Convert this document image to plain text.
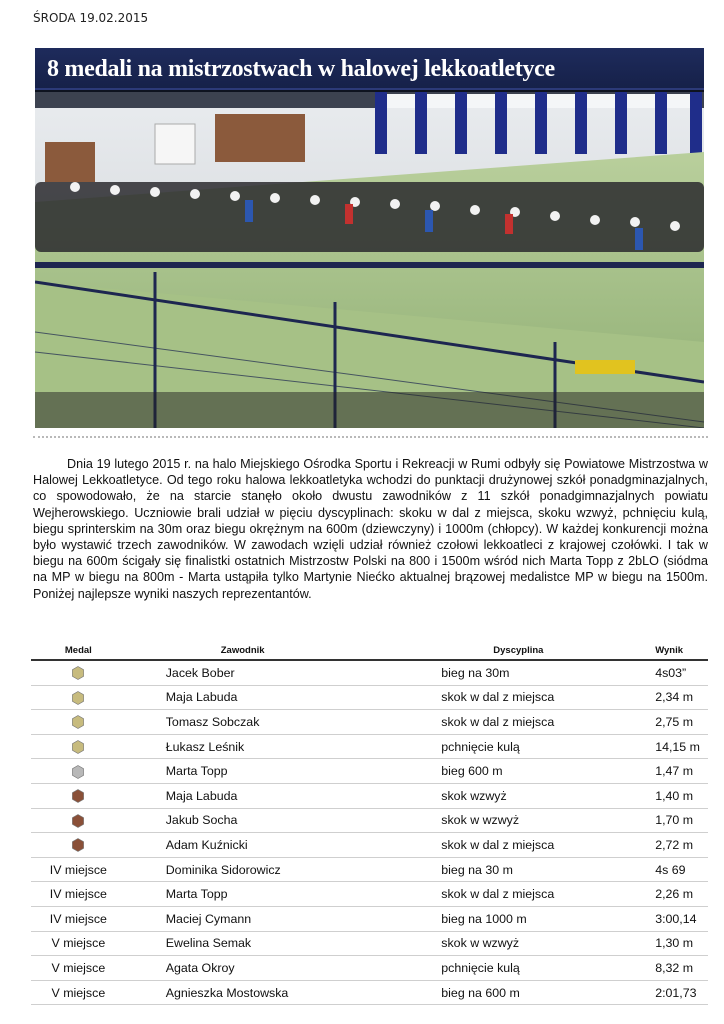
ŚRODA 19.02.2015
8 medali na mistrzostwach w halowej lekkoatletyce

Dnia 19 lutego 2015 r. na halo Miejskiego Ośrodka Sportu i Rekreacji w Rumi odbyły się Powiatowe Mistrzostwa w Halowej Lekkoatletyce. Od tego roku halowa lekkoatletyka wchodzi do punktacji drużynowej szkół ponadgminazjalnych, co spowodowało, że na starcie stanęło około dwustu zawodników z 11 szkół ponadgimnazjalnych powiatu Wejherowskiego. Uczniowie brali udział w pięciu dyscyplinach: skoku w dal z miejsca, skoku wzwyż, pchnięciu kulą, biegu sprinterskim na 30m oraz biegu okrężnym na 600m (dziewczyny) i 1000m (chłopcy). W każdej konkurencji można było wystawić trzech zawodników. W zawodach wzięli udział również czołowi lekkoatleci z krajowej czołówki. I tak w biegu na 600m ścigały się finalistki ostatnich Mistrzostw Polski na 800 i 1500m wśród nich Marta Topp z 2bLO (siódma na MP w biegu na 800m - Marta ustąpiła tylko Martynie Niećko aktualnej brązowej medalistce MP w biegu na 1500m. Poniżej najlepsze wyniki naszych reprezentantów.

Medal	Zawodnik	Dyscyplina	Wynik
	Jacek Bober	bieg na 30m	4s03”
	Maja Labuda	skok w dal z miejsca	2,34 m
	Tomasz Sobczak	skok w dal z miejsca	2,75 m
	Łukasz Leśnik	pchnięcie kulą	14,15 m
	Marta Topp	bieg 600 m	1,47 m
	Maja Labuda	skok wzwyż	1,40 m
	Jakub Socha	skok w wzwyż	1,70 m
	Adam Kuźnicki	skok w dal z miejsca	2,72 m
IV miejsce	Dominika Sidorowicz	bieg na 30 m	4s 69
IV miejsce	Marta Topp	skok w dal z miejsca	2,26 m
IV miejsce	Maciej Cymann	bieg na 1000 m	3:00,14
V miejsce	Ewelina Semak	skok w wzwyż	1,30 m
V miejsce	Agata Okroy	pchnięcie kulą	8,32 m
V miejsce	Agnieszka Mostowska	bieg na 600 m	2:01,73
